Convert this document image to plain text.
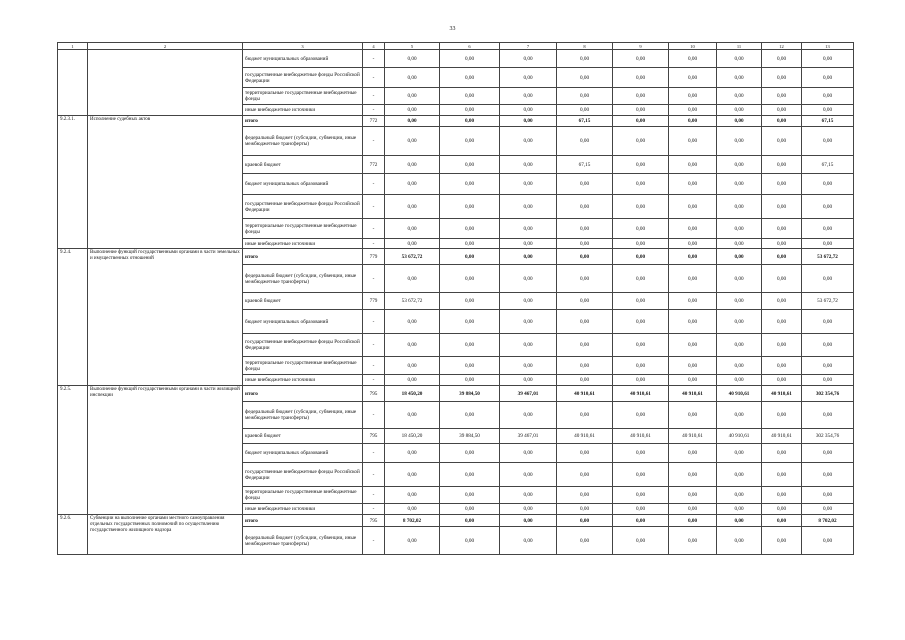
33
1	2	3	4	5	6	7	8	9	10	11	12	13
		бюджет муниципальных образований	-	0,00	0,00	0,00	0,00	0,00	0,00	0,00	0,00	0,00
		государственные внебюджетные фонды Российской Федерации	-	0,00	0,00	0,00	0,00	0,00	0,00	0,00	0,00	0,00
		территориальные государственные внебюджетные фонды	-	0,00	0,00	0,00	0,00	0,00	0,00	0,00	0,00	0,00
		иные внебюджетные источники	-	0,00	0,00	0,00	0,00	0,00	0,00	0,00	0,00	0,00
9.2.3.1.	Исполнение судебных актов	итого	772	0,00	0,00	0,00	67,15	0,00	0,00	0,00	0,00	67,15
		федеральный бюджет (субсидии, субвенции, иные межбюджетные трансферты)	-	0,00	0,00	0,00	0,00	0,00	0,00	0,00	0,00	0,00
		краевой бюджет	772	0,00	0,00	0,00	67,15	0,00	0,00	0,00	0,00	67,15
		бюджет муниципальных образований	-	0,00	0,00	0,00	0,00	0,00	0,00	0,00	0,00	0,00
		государственные внебюджетные фонды Российской Федерации	-	0,00	0,00	0,00	0,00	0,00	0,00	0,00	0,00	0,00
		территориальные государственные внебюджетные фонды	-	0,00	0,00	0,00	0,00	0,00	0,00	0,00	0,00	0,00
		иные внебюджетные источники	-	0,00	0,00	0,00	0,00	0,00	0,00	0,00	0,00	0,00
9.2.4.	Выполнение функций государственными органами в части земельных и имущественных отношений	итого	779	53 672,72	0,00	0,00	0,00	0,00	0,00	0,00	0,00	53 672,72
		федеральный бюджет (субсидии, субвенции, иные межбюджетные трансферты)	-	0,00	0,00	0,00	0,00	0,00	0,00	0,00	0,00	0,00
		краевой бюджет	779	53 672,72	0,00	0,00	0,00	0,00	0,00	0,00	0,00	53 672,72
		бюджет муниципальных образований	-	0,00	0,00	0,00	0,00	0,00	0,00	0,00	0,00	0,00
		государственные внебюджетные фонды Российской Федерации	-	0,00	0,00	0,00	0,00	0,00	0,00	0,00	0,00	0,00
		территориальные государственные внебюджетные фонды	-	0,00	0,00	0,00	0,00	0,00	0,00	0,00	0,00	0,00
		иные внебюджетные источники	-	0,00	0,00	0,00	0,00	0,00	0,00	0,00	0,00	0,00
9.2.5.	Выполнение функций государственными органами в части жилищной инспекции	итого	795	18 450,20	39 884,50	39 467,01	40 910,61	40 910,61	40 910,61	40 910,61	40 910,61	302 354,76
		федеральный бюджет (субсидии, субвенции, иные межбюджетные трансферты)	-	0,00	0,00	0,00	0,00	0,00	0,00	0,00	0,00	0,00
		краевой бюджет	795	18 450,20	39 884,50	39 467,01	40 910,61	40 910,61	40 910,61	40 910,61	40 910,61	302 354,76
		бюджет муниципальных образований	-	0,00	0,00	0,00	0,00	0,00	0,00	0,00	0,00	0,00
		государственные внебюджетные фонды Российской Федерации	-	0,00	0,00	0,00	0,00	0,00	0,00	0,00	0,00	0,00
		территориальные государственные внебюджетные фонды	-	0,00	0,00	0,00	0,00	0,00	0,00	0,00	0,00	0,00
		иные внебюджетные источники	-	0,00	0,00	0,00	0,00	0,00	0,00	0,00	0,00	0,00
9.2.6.	Субвенции на выполнение органами местного самоуправления отдельных государственных полномочий по осуществлению государственного жилищного надзора	итого	795	8 702,02	0,00	0,00	0,00	0,00	0,00	0,00	0,00	8 702,02
		федеральный бюджет (субсидии, субвенции, иные межбюджетные трансферты)	-	0,00	0,00	0,00	0,00	0,00	0,00	0,00	0,00	0,00
